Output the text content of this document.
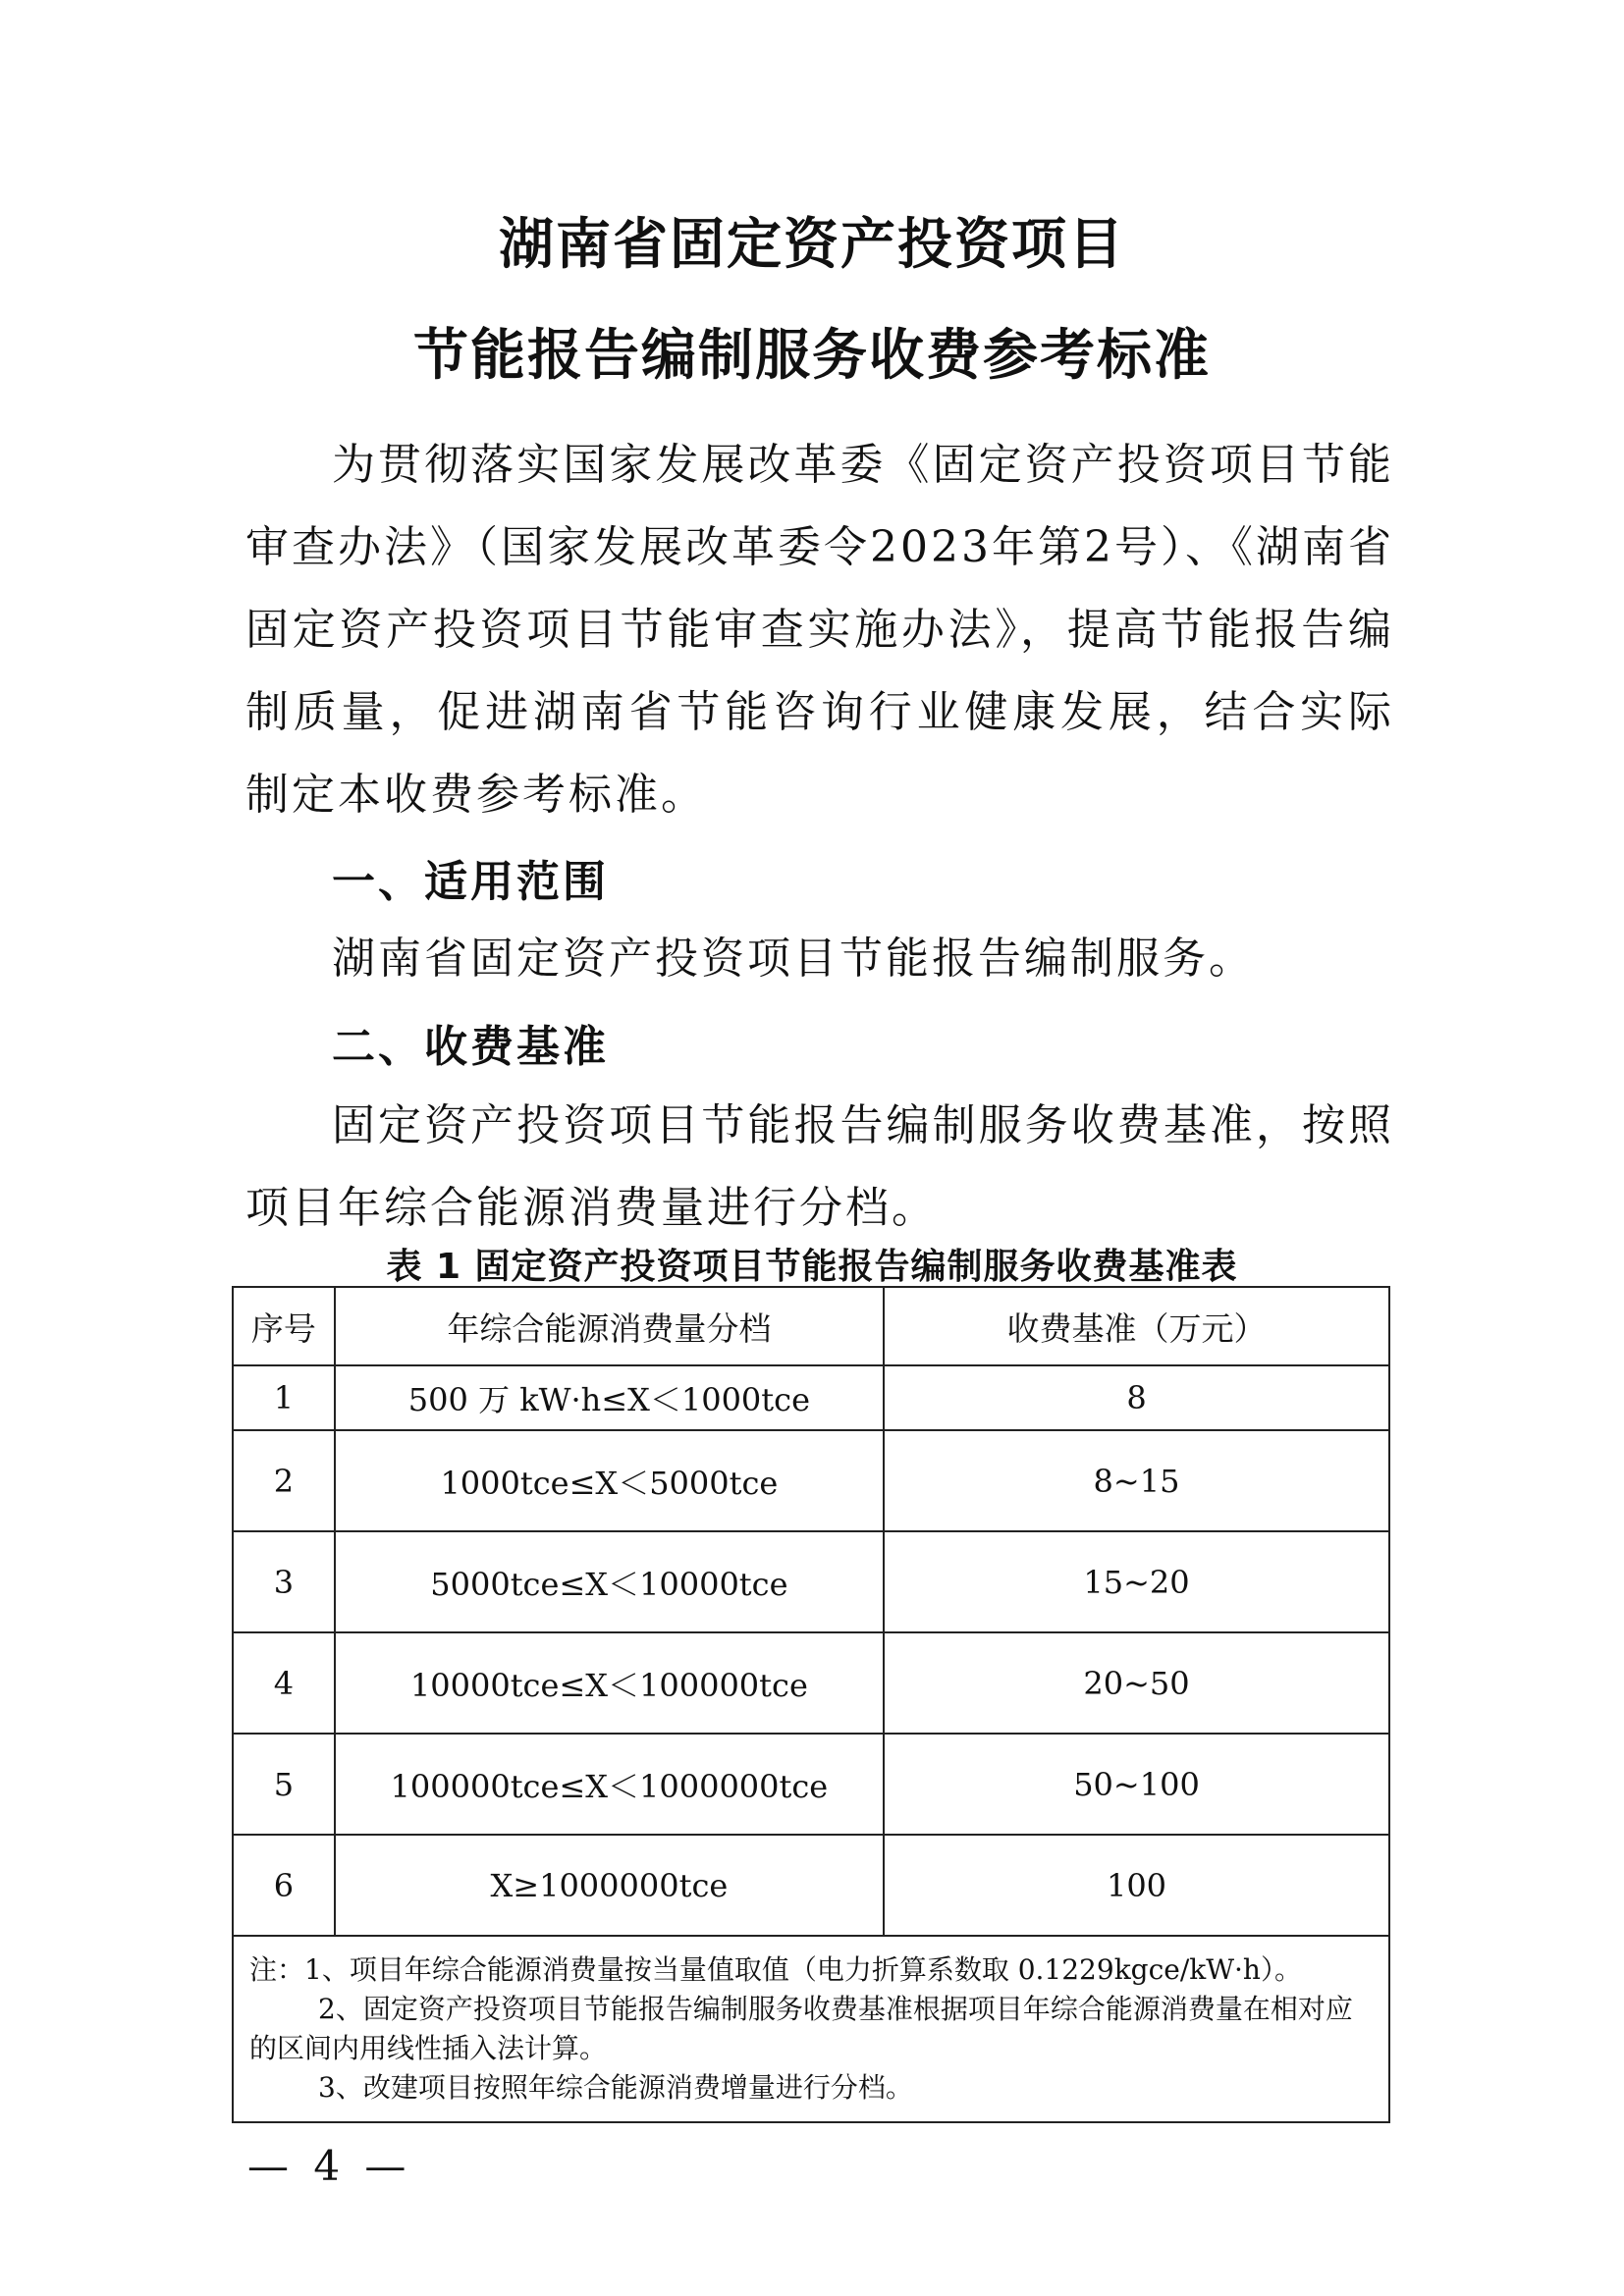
湖南省固定资产投资项目
节能报告编制服务收费参考标准
为贯彻落实国家发展改革委《固定资产投资项目节能审查办法》（国家发展改革委令2023年第2号）、《湖南省固定资产投资项目节能审查实施办法》，提高节能报告编制质量，促进湖南省节能咨询行业健康发展，结合实际制定本收费参考标准。
一、适用范围
湖南省固定资产投资项目节能报告编制服务。
二、收费基准
固定资产投资项目节能报告编制服务收费基准，按照项目年综合能源消费量进行分档。
表 1 固定资产投资项目节能报告编制服务收费基准表
序号	年综合能源消费量分档	收费基准（万元）
1	500 万 kW·h≤X＜1000tce	8
2	1000tce≤X＜5000tce	8~15
3	5000tce≤X＜10000tce	15~20
4	10000tce≤X＜100000tce	20~50
5	100000tce≤X＜1000000tce	50~100
6	X≥1000000tce	100

注：1、项目年综合能源消费量按当量值取值（电力折算系数取 0.1229kgce/kW·h）。
2、固定资产投资项目节能报告编制服务收费基准根据项目年综合能源消费量在相对应的区间内用线性插入法计算。
3、改建项目按照年综合能源消费增量进行分档。		
— 4 —
